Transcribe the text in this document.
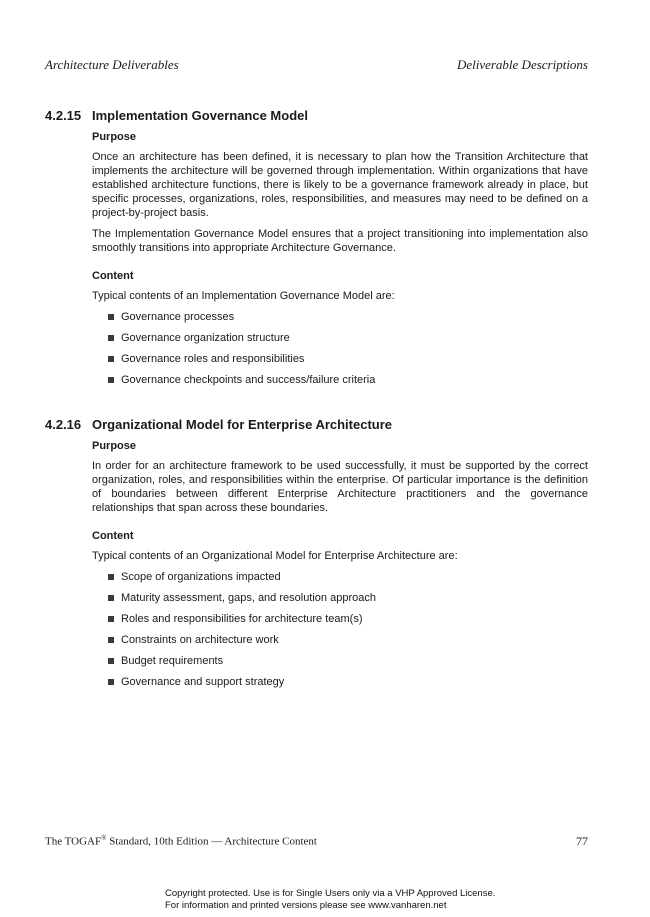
Architecture Deliverables	Deliverable Descriptions
4.2.15 Implementation Governance Model
Purpose

Once an architecture has been defined, it is necessary to plan how the Transition Architecture that implements the architecture will be governed through implementation. Within organizations that have established architecture functions, there is likely to be a governance framework already in place, but specific processes, organizations, roles, responsibilities, and measures may need to be defined on a project-by-project basis.

The Implementation Governance Model ensures that a project transitioning into implementation also smoothly transitions into appropriate Architecture Governance.

Content

Typical contents of an Implementation Governance Model are:

Governance processes
Governance organization structure
Governance roles and responsibilities
Governance checkpoints and success/failure criteria
4.2.16 Organizational Model for Enterprise Architecture
Purpose

In order for an architecture framework to be used successfully, it must be supported by the correct organization, roles, and responsibilities within the enterprise. Of particular importance is the definition of boundaries between different Enterprise Architecture practitioners and the governance relationships that span across these boundaries.

Content

Typical contents of an Organizational Model for Enterprise Architecture are:

Scope of organizations impacted
Maturity assessment, gaps, and resolution approach
Roles and responsibilities for architecture team(s)
Constraints on architecture work
Budget requirements
Governance and support strategy
The TOGAF® Standard, 10th Edition — Architecture Content	77
Copyright protected. Use is for Single Users only via a VHP Approved License.
For information and printed versions please see www.vanharen.net
